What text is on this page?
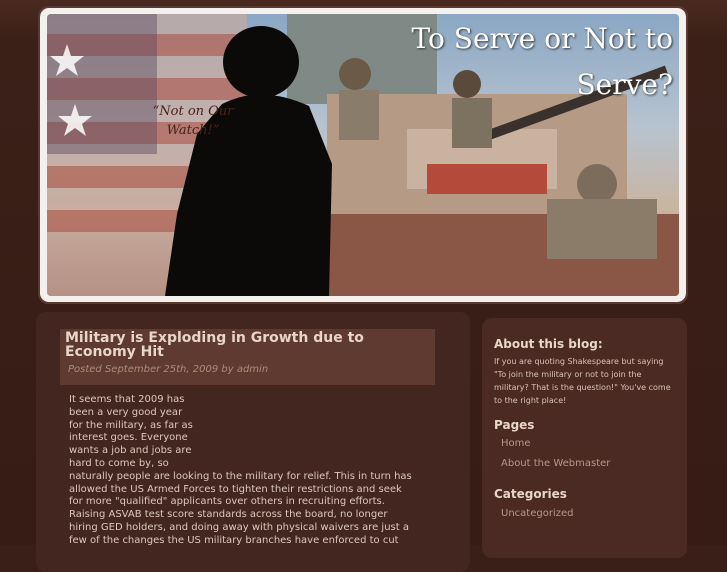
To Serve or Not to Serve?
“Not on Our Watch!”
Military is Exploding in Growth due to Economy Hit
Posted September 25th, 2009 by admin

It seems that 2009 has

been a very good year

for the military, as far as

interest goes. Everyone

wants a job and jobs are

hard to come by, so

naturally people are looking to the military for relief. This in turn has

allowed the US Armed Forces to tighten their restrictions and seek

for more "qualified" applicants over others in recruiting efforts.

Raising ASVAB test score standards across the board, no longer

hiring GED holders, and doing away with physical waivers are just a

few of the changes the US military branches have enforced to cut

About this blog:
If you are quoting Shakespeare but saying "To join the military or not to join the military? That is the question!" You've come to the right place!
Pages
Home
About the Webmaster
Categories
Uncategorized
